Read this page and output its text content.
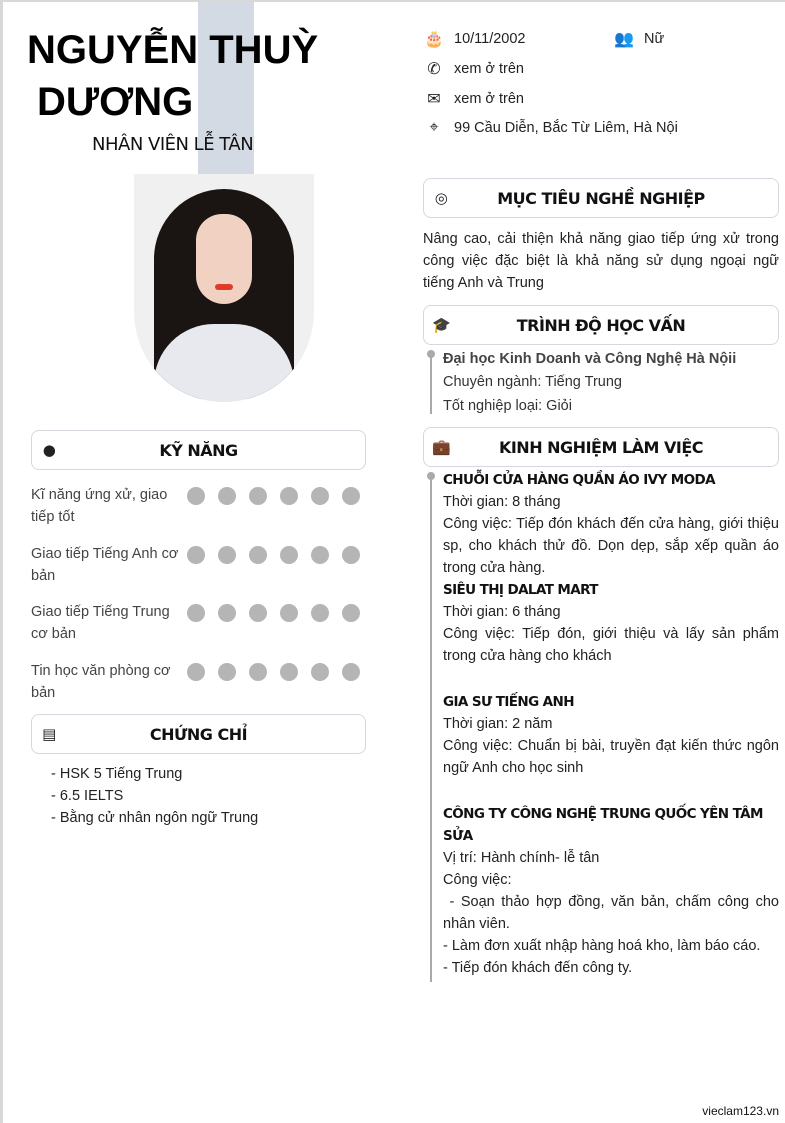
NGUYỄN THUỲ
DƯƠNG
NHÂN VIÊN LỄ TÂN
🎂 10/11/2002	👥 Nữ
✆ xem ở trên
✉ xem ở trên
⌖	99 Cầu Diễn, Bắc Từ Liêm, Hà Nội
●	KỸ NĂNG
Kĩ năng ứng xử, giao tiếp tốt
Giao tiếp Tiếng Anh cơ bản
Giao tiếp Tiếng Trung cơ bản
Tin học văn phòng cơ bản
▤	CHỨNG CHỈ
- HSK 5 Tiếng Trung
- 6.5 IELTS
- Bằng cử nhân ngôn ngữ Trung
◎	MỤC TIÊU NGHỀ NGHIỆP
Nâng cao, cải thiện khả năng giao tiếp ứng xử trong công việc đặc biệt là khả năng sử dụng ngoại ngữ tiếng Anh và Trung
🎓	TRÌNH ĐỘ HỌC VẤN
Đại học Kinh Doanh và Công Nghệ Hà Nộii
Chuyên ngành: Tiếng Trung
Tốt nghiệp loại: Giỏi
💼	KINH NGHIỆM LÀM VIỆC
CHUỖI CỬA HÀNG QUẦN ÁO IVY MODA
Thời gian: 8 tháng
Công việc: Tiếp đón khách đến cửa hàng, giới thiệu sp, cho khách thử đồ. Dọn dẹp, sắp xếp quần áo trong cửa hàng.
SIÊU THỊ DALAT MART
Thời gian: 6 tháng
Công việc: Tiếp đón, giới thiệu và lấy sản phẩm trong cửa hàng cho khách
GIA SƯ TIẾNG ANH
Thời gian: 2 năm
Công việc: Chuẩn bị bài, truyền đạt kiến thức ngôn ngữ Anh cho học sinh
CÔNG TY CÔNG NGHỆ TRUNG QUỐC YÊN TÂM SỬA
Vị trí: Hành chính- lễ tân
Công việc:
- Soạn thảo hợp đồng, văn bản, chấm công cho nhân viên.
- Làm đơn xuất nhập hàng hoá kho, làm báo cáo.
- Tiếp đón khách đến công ty.
vieclam123.vn
